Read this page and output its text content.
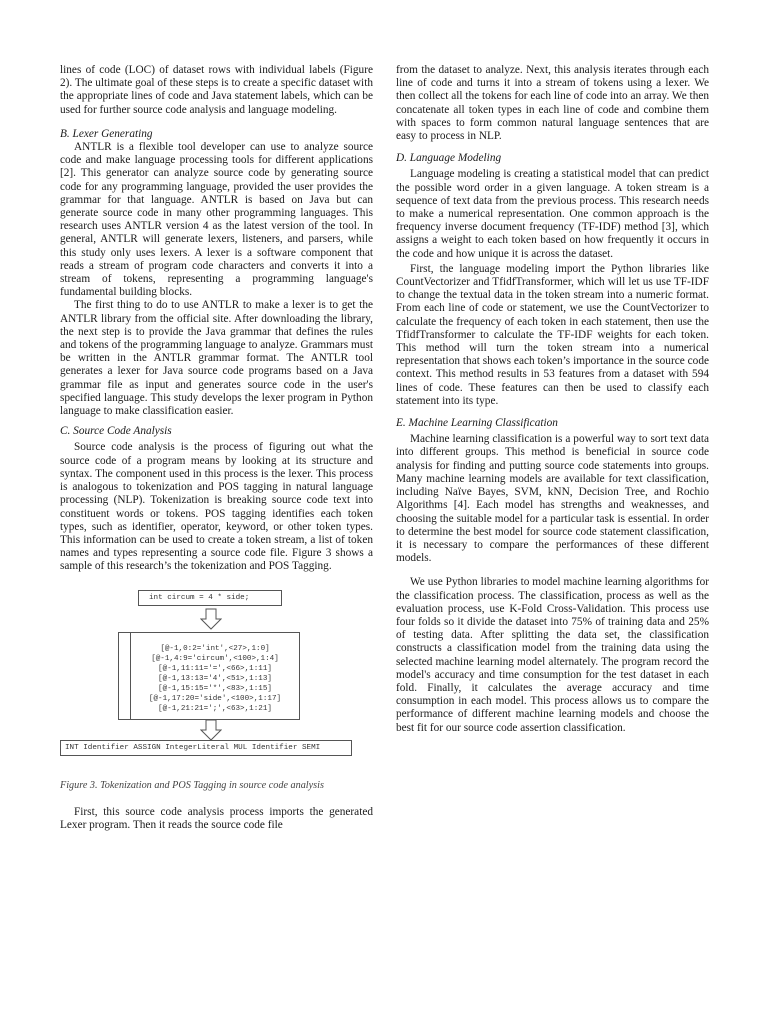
lines of code (LOC) of dataset rows with individual labels (Figure 2). The ultimate goal of these steps is to create a specific dataset with the appropriate lines of code and Java statement labels, which can be used for further source code analysis and language modeling.

B. Lexer Generating

ANTLR is a flexible tool developer can use to analyze source code and make language processing tools for different applications [2]. This generator can analyze source code by generating source code for any programming language, provided the user provides the grammar for that language. ANTLR is based on Java but can generate source code in many other programming languages. This research uses ANTLR version 4 as the latest version of the tool. In general, ANTLR will generate lexers, listeners, and parsers, while this study only uses lexers. A lexer is a software component that reads a stream of program code characters and converts it into a stream of tokens, representing a programming language's fundamental building blocks.

The first thing to do to use ANTLR to make a lexer is to get the ANTLR library from the official site. After downloading the library, the next step is to provide the Java grammar that defines the rules and tokens of the programming language to analyze. Grammars must be written in the ANTLR grammar format. The ANTLR tool generates a lexer for Java source code programs based on a Java grammar file as input and generates source code in the user's specified language. This study develops the lexer program in Python language to make classification easier.

C. Source Code Analysis

Source code analysis is the process of figuring out what the source code of a program means by looking at its structure and syntax. The component used in this process is the lexer. This process is analogous to tokenization and POS tagging in natural language processing (NLP). Tokenization is breaking source code text into constituent words or tokens. POS tagging identifies each token types, such as identifier, operator, keyword, or other token types. This information can be used to create a token stream, a list of token names and types representing a source code file. Figure 3 shows a sample of this research’s the tokenization and POS Tagging.

int circum = 4 * side;
[@-1,0:2='int',<27>,1:0]
[@-1,4:9='circum',<100>,1:4]
[@-1,11:11='=',<66>,1:11]
[@-1,13:13='4',<51>,1:13]
[@-1,15:15='*',<83>,1:15]
[@-1,17:20='side',<100>,1:17]
[@-1,21:21=';',<63>,1:21]
INT Identifier ASSIGN IntegerLiteral MUL Identifier SEMI
Figure 3. Tokenization and POS Tagging in source code analysis

First, this source code analysis process imports the generated Lexer program. Then it reads the source code file

from the dataset to analyze. Next, this analysis iterates through each line of code and turns it into a stream of tokens using a lexer. We then collect all the tokens for each line of code into an array. We then concatenate all token types in each line of code and combine them with spaces to form common natural language sentences that are easy to process in NLP.

D. Language Modeling

Language modeling is creating a statistical model that can predict the possible word order in a given language. A token stream is a sequence of text data from the previous process. This research needs to make a numerical representation. One common approach is the frequency inverse document frequency (TF-IDF) method [3], which assigns a weight to each token based on how frequently it occurs in the code and how unique it is across the dataset.

First, the language modeling import the Python libraries like CountVectorizer and TfidfTransformer, which will let us use TF-IDF to change the textual data in the token stream into a numeric format. From each line of code or statement, we use the CountVectorizer to calculate the frequency of each token in each statement, then use the TfidfTransformer to calculate the TF-IDF weights for each token. This method will turn the token stream into a numerical representation that shows each token’s importance in the source code context. This method results in 53 features from a dataset with 594 lines of code. These features can then be used to classify each statement into its type.

E. Machine Learning Classification

Machine learning classification is a powerful way to sort text data into different groups. This method is beneficial in source code analysis for finding and putting source code statements into groups. Many machine learning models are available for text classification, including Naïve Bayes, SVM, kNN, Decision Tree, and Rochio Algorithms [4]. Each model has strengths and weaknesses, and choosing the suitable model for a particular task is essential. In order to determine the best model for source code statement classification, it is necessary to compare the performances of these different models.

We use Python libraries to model machine learning algorithms for the classification process. The classification, process as well as the evaluation process, use K-Fold Cross-Validation. This process use four folds so it divide the dataset into 75% of training data and 25% of testing data. After splitting the data set, the classification constructs a classification model from the training data using the selected machine learning model alternately. The program record the model's accuracy and time consumption for the test dataset in each fold. Finally, it calculates the average accuracy and time consumption in each model. This process allows us to compare the performance of different machine learning models and choose the best fit for our source code assertion classification.
